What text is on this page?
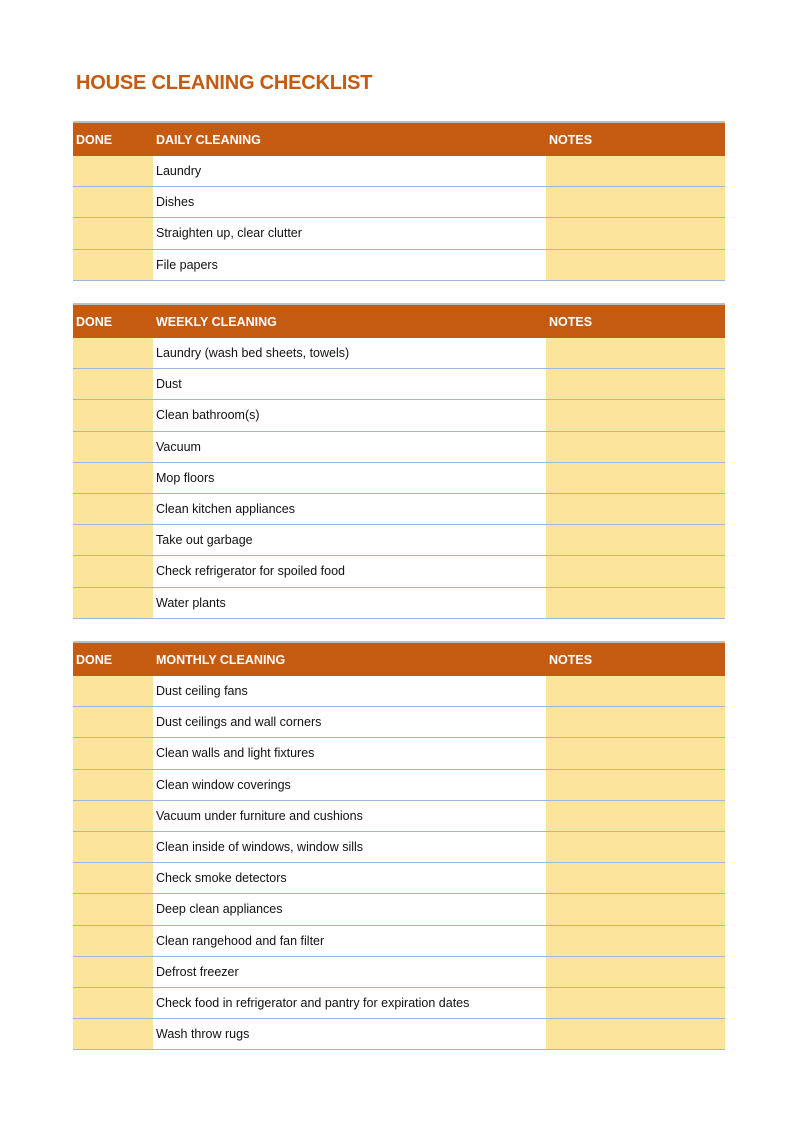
HOUSE CLEANING CHECKLIST
DONE	DAILY CLEANING	NOTES
Laundry
Dishes
Straighten up, clear clutter
File papers
DONE	WEEKLY CLEANING	NOTES
Laundry (wash bed sheets, towels)
Dust
Clean bathroom(s)
Vacuum
Mop floors
Clean kitchen appliances
Take out garbage
Check refrigerator for spoiled food
Water plants
DONE	MONTHLY CLEANING	NOTES
Dust ceiling fans
Dust ceilings and wall corners
Clean walls and light fixtures
Clean window coverings
Vacuum under furniture and cushions
Clean inside of windows, window sills
Check smoke detectors
Deep clean appliances
Clean rangehood and fan filter
Defrost freezer
Check food in refrigerator and pantry for expiration dates
Wash throw rugs
